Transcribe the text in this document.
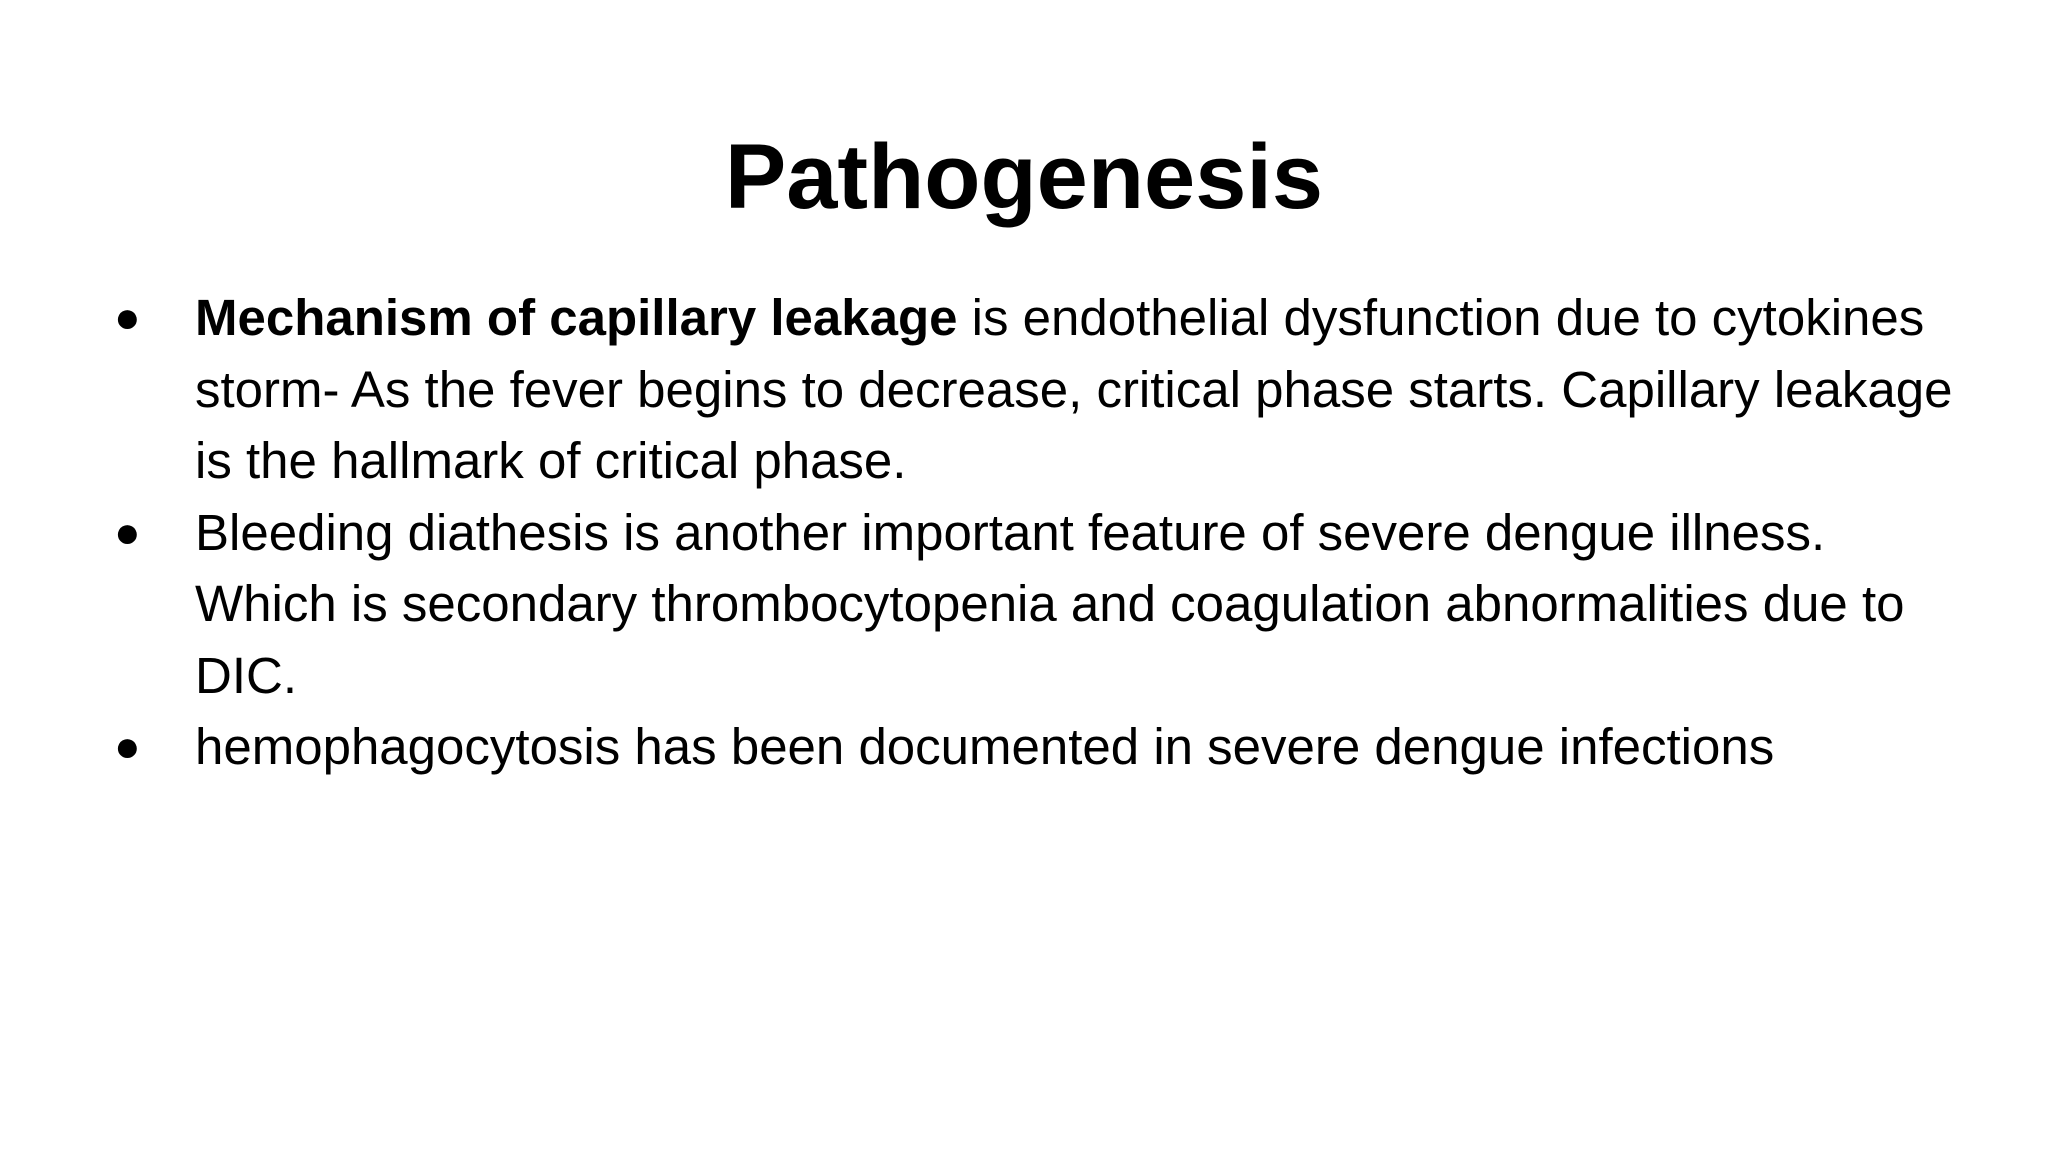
Pathogenesis
● Mechanism of capillary leakage is endothelial dysfunction due to cytokines storm- As the fever begins to decrease, critical phase starts. Capillary leakage is the hallmark of critical phase.
● Bleeding diathesis is another important feature of severe dengue illness. Which is secondary thrombocytopenia and coagulation abnormalities due to DIC.
● hemophagocytosis has been documented in severe dengue infections
